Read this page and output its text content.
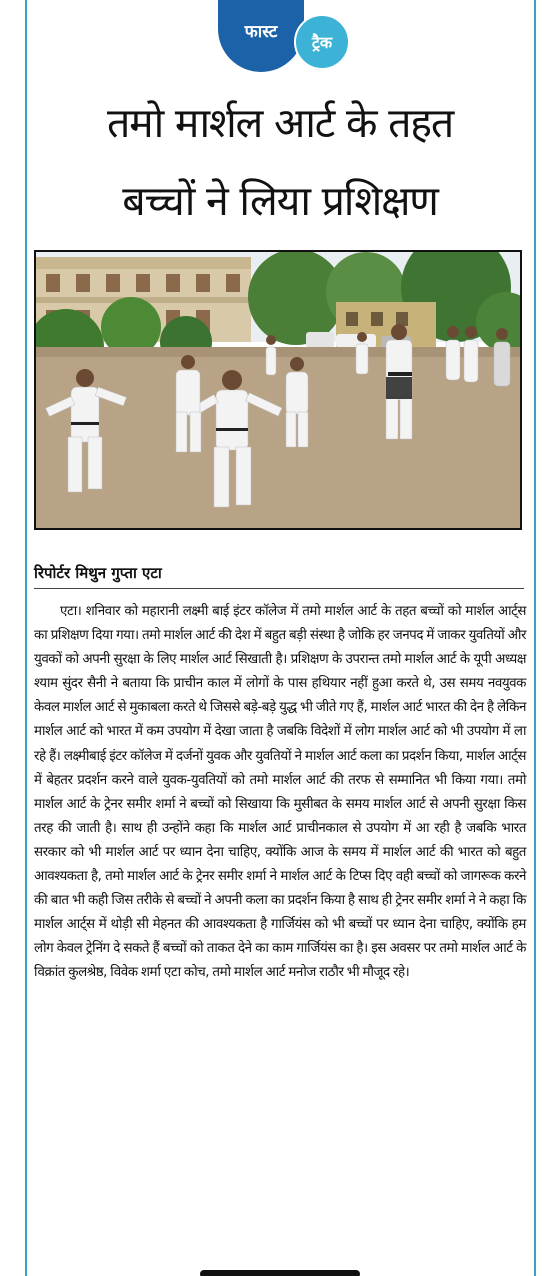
फास्ट
ट्रैक
तमो मार्शल आर्ट के तहत
बच्चों ने लिया प्रशिक्षण

रिपोर्टर मिथुन गुप्ता एटा

एटा। शनिवार को महारानी लक्ष्मी बाई इंटर कॉलेज में तमो मार्शल आर्ट के तहत बच्चों को मार्शल आर्ट्स का प्रशिक्षण दिया गया। तमो मार्शल आर्ट की देश में बहुत बड़ी संस्था है जोकि हर जनपद में जाकर युवतियों और युवकों को अपनी सुरक्षा के लिए मार्शल आर्ट सिखाती है। प्रशिक्षण के उपरान्त तमो मार्शल आर्ट के यूपी अध्यक्ष श्याम सुंदर सैनी ने बताया कि प्राचीन काल में लोगों के पास हथियार नहीं हुआ करते थे, उस समय नवयुवक केवल मार्शल आर्ट से मुकाबला करते थे जिससे बड़े-बड़े युद्ध भी जीते गए हैं, मार्शल आर्ट भारत की देन है लेकिन मार्शल आर्ट को भारत में कम उपयोग में देखा जाता है जबकि विदेशों में लोग मार्शल आर्ट को भी उपयोग में ला रहे हैं। लक्ष्मीबाई इंटर कॉलेज में दर्जनों युवक और युवतियों ने मार्शल आर्ट कला का प्रदर्शन किया, मार्शल आर्ट्स में बेहतर प्रदर्शन करने वाले युवक-युवतियों को तमो मार्शल आर्ट की तरफ से सम्मानित भी किया गया। तमो मार्शल आर्ट के ट्रेनर समीर शर्मा ने बच्चों को सिखाया कि मुसीबत के समय मार्शल आर्ट से अपनी सुरक्षा किस तरह की जाती है। साथ ही उन्होंने कहा कि मार्शल आर्ट प्राचीनकाल से उपयोग में आ रही है जबकि भारत सरकार को भी मार्शल आर्ट पर ध्यान देना चाहिए, क्योंकि आज के समय में मार्शल आर्ट की भारत को बहुत आवश्यकता है, तमो मार्शल आर्ट के ट्रेनर समीर शर्मा ने मार्शल आर्ट के टिप्स दिए वही बच्चों को जागरूक करने की बात भी कही जिस तरीके से बच्चों ने अपनी कला का प्रदर्शन किया है साथ ही ट्रेनर समीर शर्मा ने ने कहा कि मार्शल आर्ट्स में थोड़ी सी मेहनत की आवश्यकता है गार्जियंस को भी बच्चों पर ध्यान देना चाहिए, क्योंकि हम लोग केवल ट्रेनिंग दे सकते हैं बच्चों को ताकत देने का काम गार्जियंस का है। इस अवसर पर तमो मार्शल आर्ट के विक्रांत कुलश्रेष्ठ, विवेक शर्मा एटा कोच, तमो मार्शल आर्ट मनोज राठौर भी मौजूद रहे।
